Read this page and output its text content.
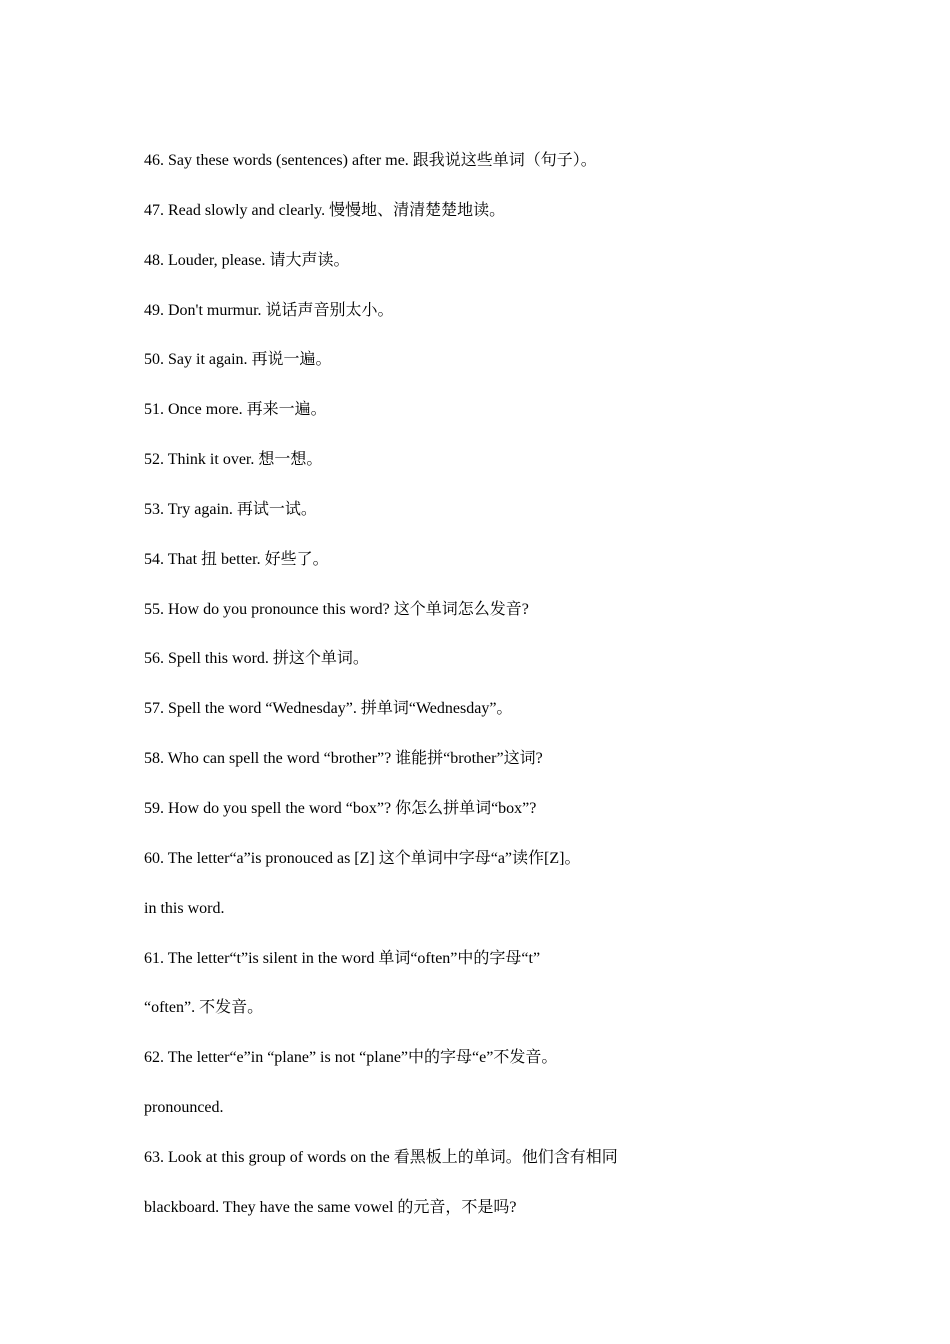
46. Say these words (sentences) after me. 跟我说这些单词（句子）。
47. Read slowly and clearly. 慢慢地、清清楚楚地读。
48. Louder, please. 请大声读。
49. Don't murmur. 说话声音别太小。
50. Say it again. 再说一遍。
51. Once more. 再来一遍。
52. Think it over. 想一想。
53. Try again. 再试一试。
54. That 扭 better. 好些了。
55. How do you pronounce this word? 这个单词怎么发音?
56. Spell this word. 拼这个单词。
57. Spell the word “Wednesday”. 拼单词“Wednesday”。
58. Who can spell the word “brother”? 谁能拼“brother”这词?
59. How do you spell the word “box”? 你怎么拼单词“box”?
60. The letter“a”is pronouced as [Z] 这个单词中字母“a”读作[Z]。
in this word.
61. The letter“t”is silent in the word 单词“often”中的字母“t”
“often”. 不发音。
62. The letter“e”in “plane” is not “plane”中的字母“e”不发音。
pronounced.
63. Look at this group of words on the 看黑板上的单词。他们含有相同
blackboard. They have the same vowel 的元音，不是吗?
